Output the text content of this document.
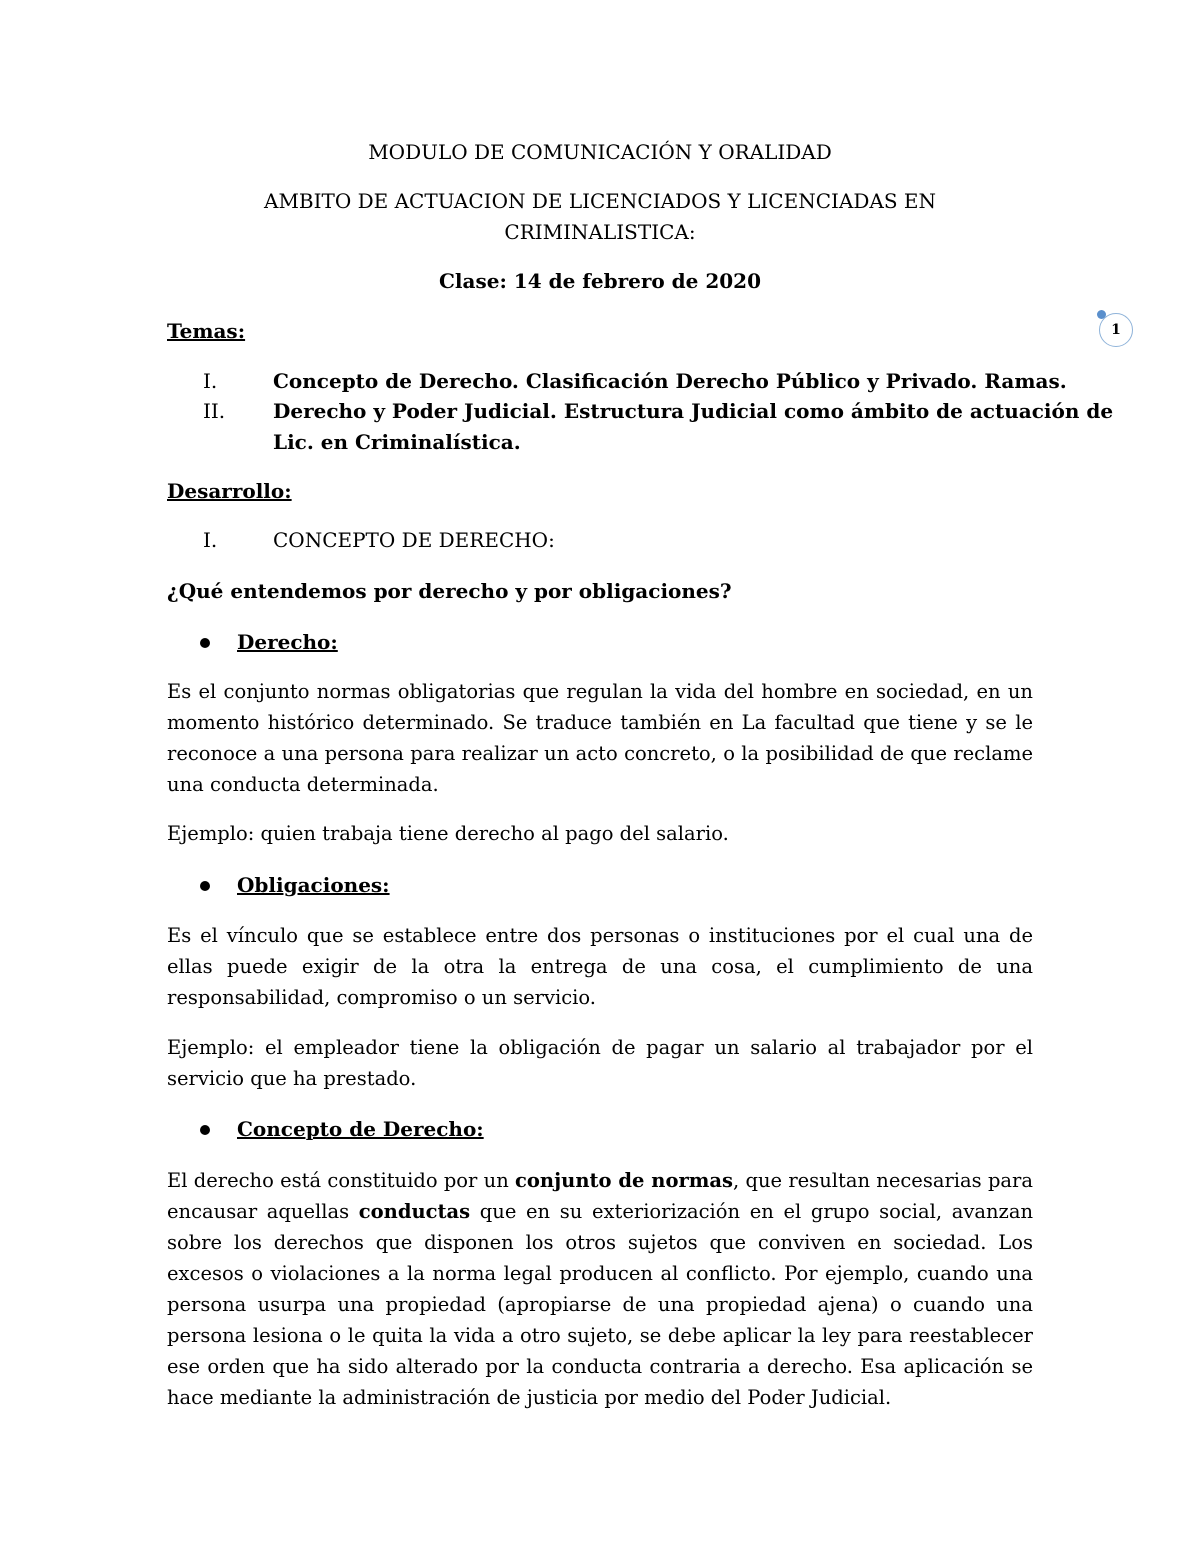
1
MODULO DE COMUNICACIÓN Y ORALIDAD
AMBITO DE ACTUACION DE LICENCIADOS Y LICENCIADAS EN
CRIMINALISTICA:
Clase: 14 de febrero de 2020
Temas:
I.	Concepto de Derecho. Clasificación Derecho Público y Privado. Ramas.
II. Derecho y Poder Judicial. Estructura Judicial como ámbito de actuación de
Lic. en Criminalística.
Desarrollo:
I.	CONCEPTO DE DERECHO:
¿Qué entendemos por derecho y por obligaciones?
Derecho:
Es el conjunto normas obligatorias que regulan la vida del hombre en sociedad, en un momento histórico determinado. Se traduce también en La facultad que tiene y se le reconoce a una persona para realizar un acto concreto, o la posibilidad de que reclame una conducta determinada.
Ejemplo: quien trabaja tiene derecho al pago del salario.
Obligaciones:
Es el vínculo que se establece entre dos personas o instituciones por el cual una de ellas puede exigir de la otra la entrega de una cosa, el cumplimiento de una responsabilidad, compromiso o un servicio.
Ejemplo: el empleador tiene la obligación de pagar un salario al trabajador por el servicio que ha prestado.
Concepto de Derecho:
El derecho está constituido por un conjunto de normas, que resultan necesarias para encausar aquellas conductas que en su exteriorización en el grupo social, avanzan sobre los derechos que disponen los otros sujetos que conviven en sociedad. Los excesos o violaciones a la norma legal producen al conflicto. Por ejemplo, cuando una persona usurpa una propiedad (apropiarse de una propiedad ajena) o cuando una persona lesiona o le quita la vida a otro sujeto, se debe aplicar la ley para reestablecer ese orden que ha sido alterado por la conducta contraria a derecho. Esa aplicación se hace mediante la administración de justicia por medio del Poder Judicial.
